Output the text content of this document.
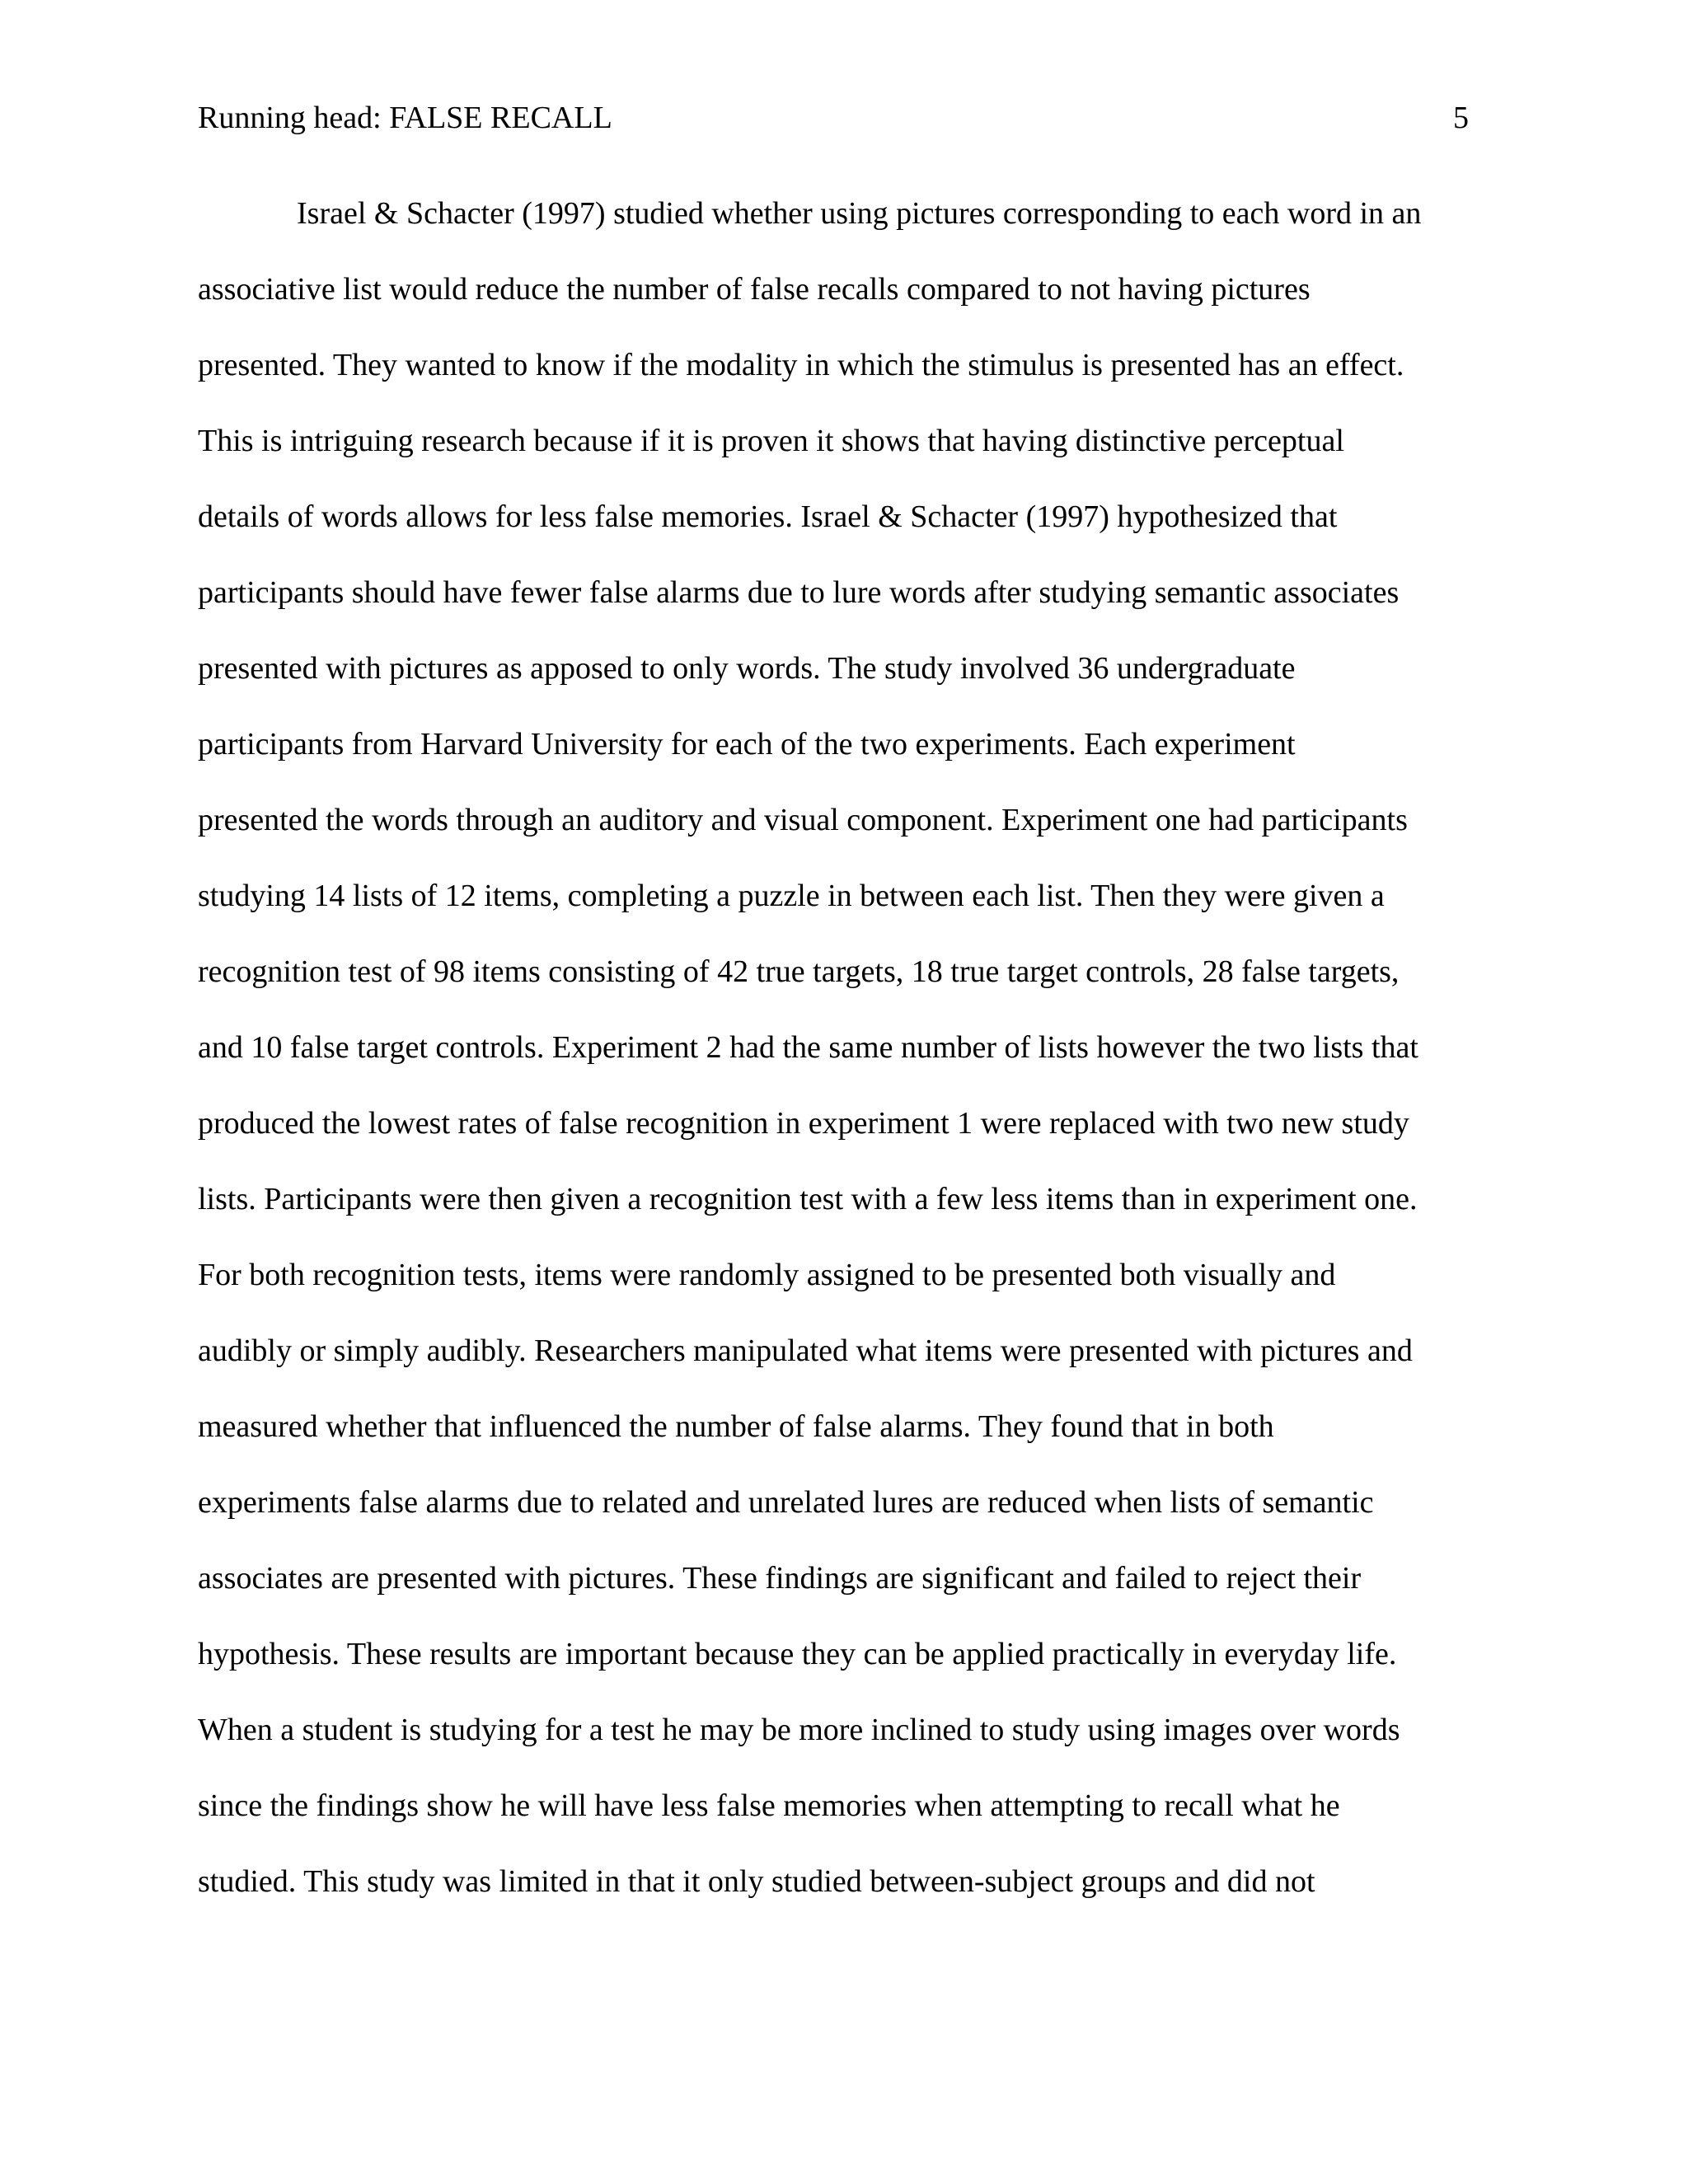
Running head: FALSE RECALL	5
Israel & Schacter (1997) studied whether using pictures corresponding to each word in an
associative list would reduce the number of false recalls compared to not having pictures
presented. They wanted to know if the modality in which the stimulus is presented has an effect.
This is intriguing research because if it is proven it shows that having distinctive perceptual
details of words allows for less false memories. Israel & Schacter (1997) hypothesized that
participants should have fewer false alarms due to lure words after studying semantic associates
presented with pictures as apposed to only words. The study involved 36 undergraduate
participants from Harvard University for each of the two experiments. Each experiment
presented the words through an auditory and visual component. Experiment one had participants
studying 14 lists of 12 items, completing a puzzle in between each list. Then they were given a
recognition test of 98 items consisting of 42 true targets, 18 true target controls, 28 false targets,
and 10 false target controls. Experiment 2 had the same number of lists however the two lists that
produced the lowest rates of false recognition in experiment 1 were replaced with two new study
lists. Participants were then given a recognition test with a few less items than in experiment one.
For both recognition tests, items were randomly assigned to be presented both visually and
audibly or simply audibly. Researchers manipulated what items were presented with pictures and
measured whether that influenced the number of false alarms. They found that in both
experiments false alarms due to related and unrelated lures are reduced when lists of semantic
associates are presented with pictures. These findings are significant and failed to reject their
hypothesis. These results are important because they can be applied practically in everyday life.
When a student is studying for a test he may be more inclined to study using images over words
since the findings show he will have less false memories when attempting to recall what he
studied. This study was limited in that it only studied between-subject groups and did not
